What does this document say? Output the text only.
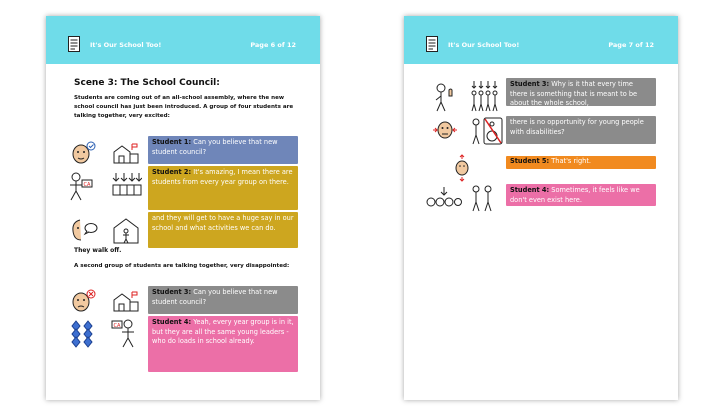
It's Our School Too!	Page 6 of 12
Scene 3: The School Council:
Students are coming out of an all-school assembly, where the new school council has just been introduced. A group of four students are talking together, very excited:
Student 1: Can you believe that new student council?
CA
Student 2: It's amazing, I mean there are students from every year group on there.
and they will get to have a huge say in our school and what activities we can do.
They walk off.
A second group of students are talking together, very disappointed:
Student 3: Can you believe that new student council?
CA	Student 4: Yeah, every year group is in it, but they are all the same young leaders - who do loads in school already.
It's Our School Too!	Page 7 of 12
Student 3: Why is it that every time there is something that is meant to be about the whole school,
there is no opportunity for young people with disabilities?
Student 5: That's right.
Student 4: Sometimes, it feels like we don't even exist here.
